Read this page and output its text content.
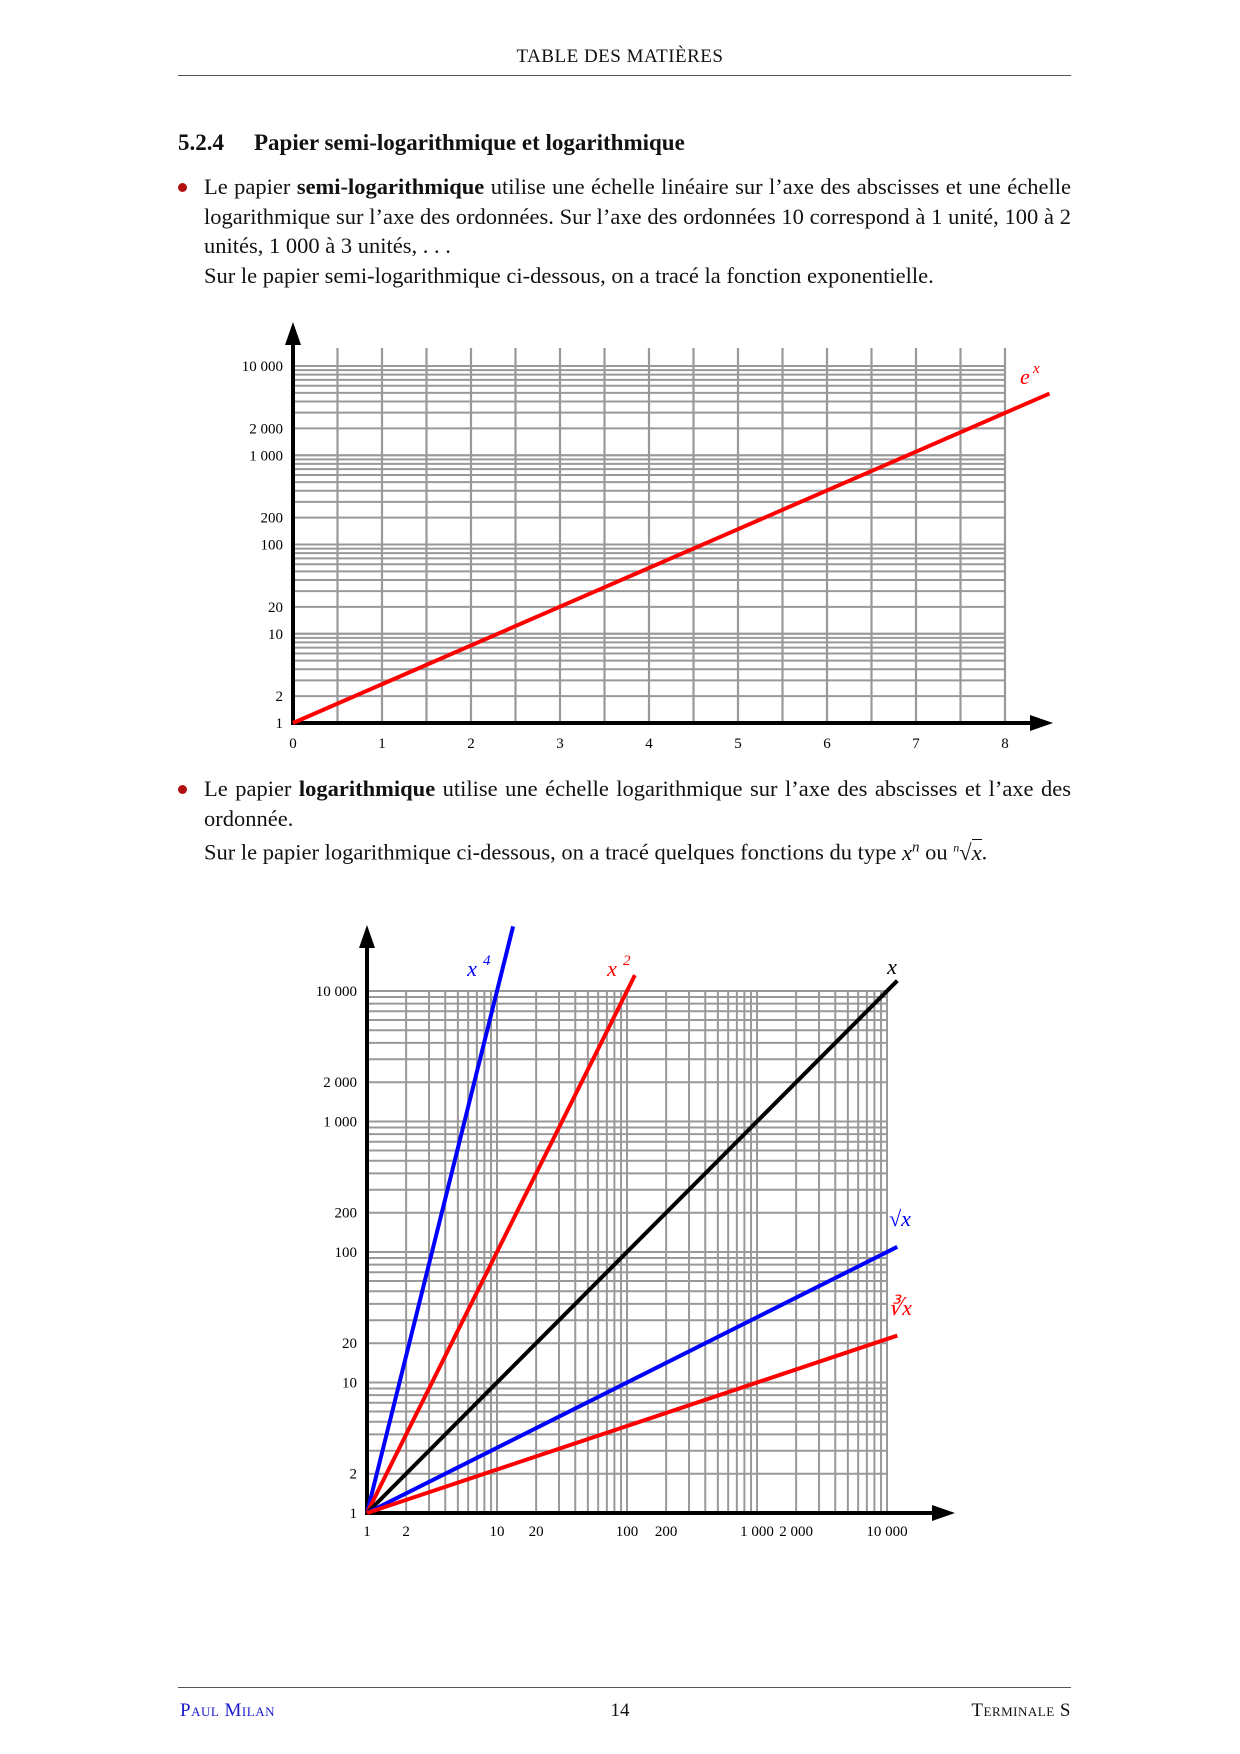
TABLE DES MATIÈRES
5.2.4 Papier semi-logarithmique et logarithmique
Le papier semi-logarithmique utilise une échelle linéaire sur l’axe des abscisses et une échelle logarithmique sur l’axe des ordonnées. Sur l’axe des ordonnées 10 correspond à 1 unité, 100 à 2 unités, 1 000 à 3 unités, . . .
Sur le papier semi-logarithmique ci-dessous, on a tracé la fonction exponentielle.
1
2
10
20
100
200
1 000
2 000
10 000
0	1	2	3	4	5	6	7	8
e x
Le papier logarithmique utilise une échelle logarithmique sur l’axe des abscisses et l’axe des ordonnée.
Sur le papier logarithmique ci-dessous, on a tracé quelques fonctions du type $x^n$ ou $^n$√x.
1
2
10
20
100
200
1 000
2 000
10 000
1 2	10 20	100 200	1 000 2 000	10 000
x 4	x 2	x
√x
∛x
Paul Milan	14	Terminale S
